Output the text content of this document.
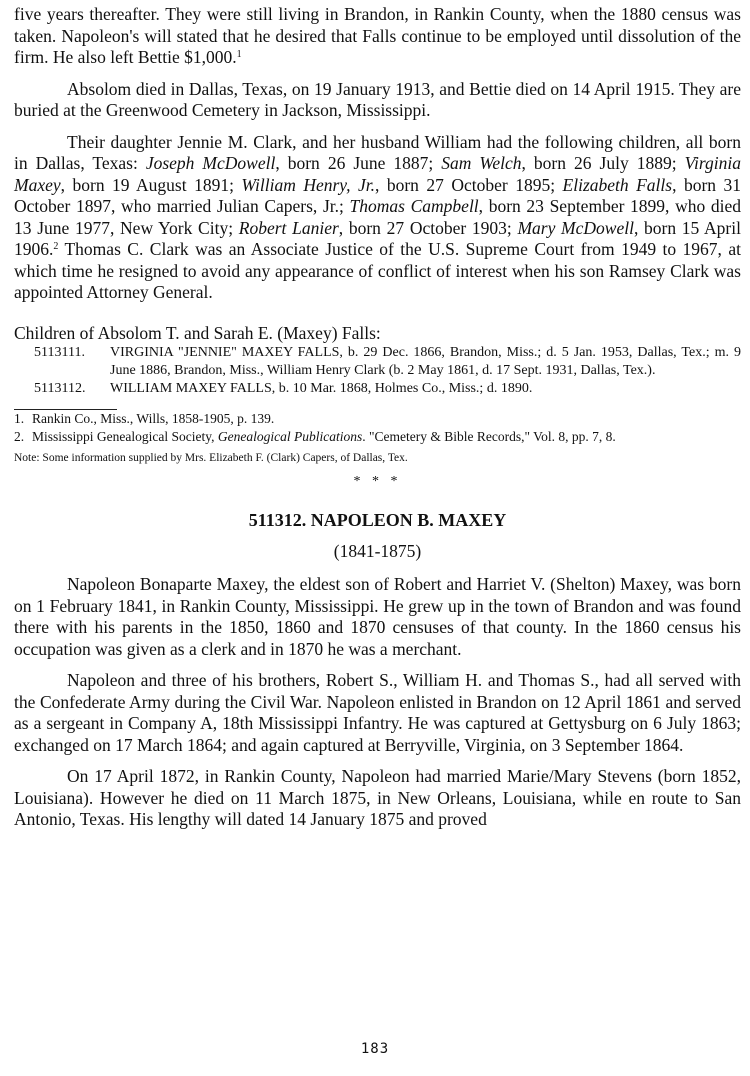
five years thereafter. They were still living in Brandon, in Rankin County, when the 1880 census was taken. Napoleon's will stated that he desired that Falls continue to be employed until dissolution of the firm. He also left Bettie $1,000.$^1$

Absolom died in Dallas, Texas, on 19 January 1913, and Bettie died on 14 April 1915. They are buried at the Greenwood Cemetery in Jackson, Mississippi.

Their daughter Jennie M. Clark, and her husband William had the following children, all born in Dallas, Texas: Joseph McDowell, born 26 June 1887; Sam Welch, born 26 July 1889; Virginia Maxey, born 19 August 1891; William Henry, Jr., born 27 October 1895; Elizabeth Falls, born 31 October 1897, who married Julian Capers, Jr.; Thomas Campbell, born 23 September 1899, who died 13 June 1977, New York City; Robert Lanier, born 27 October 1903; Mary McDowell, born 15 April 1906.$^2$ Thomas C. Clark was an Associate Justice of the U.S. Supreme Court from 1949 to 1967, at which time he resigned to avoid any appearance of conflict of interest when his son Ramsey Clark was appointed Attorney General.

Children of Absolom T. and Sarah E. (Maxey) Falls:
5113111.	VIRGINIA "JENNIE" MAXEY FALLS, b. 29 Dec. 1866, Brandon, Miss.; d. 5 Jan. 1953, Dallas, Tex.; m. 9 June 1886, Brandon, Miss., William Henry Clark (b. 2 May 1861, d. 17 Sept. 1931, Dallas, Tex.).
5113112.	WILLIAM MAXEY FALLS, b. 10 Mar. 1868, Holmes Co., Miss.; d. 1890.
1. Rankin Co., Miss., Wills, 1858-1905, p. 139.
2. Mississippi Genealogical Society, Genealogical Publications. "Cemetery & Bible Records," Vol. 8, pp. 7, 8.
Note: Some information supplied by Mrs. Elizabeth F. (Clark) Capers, of Dallas, Tex.
* * *
511312. NAPOLEON B. MAXEY
(1841-1875)

Napoleon Bonaparte Maxey, the eldest son of Robert and Harriet V. (Shelton) Maxey, was born on 1 February 1841, in Rankin County, Mississippi. He grew up in the town of Brandon and was found there with his parents in the 1850, 1860 and 1870 censuses of that county. In the 1860 census his occupation was given as a clerk and in 1870 he was a merchant.

Napoleon and three of his brothers, Robert S., William H. and Thomas S., had all served with the Confederate Army during the Civil War. Napoleon enlisted in Brandon on 12 April 1861 and served as a sergeant in Company A, 18th Mississippi Infantry. He was captured at Gettysburg on 6 July 1863; exchanged on 17 March 1864; and again captured at Berryville, Virginia, on 3 September 1864.

On 17 April 1872, in Rankin County, Napoleon had married Marie/Mary Stevens (born 1852, Louisiana). However he died on 11 March 1875, in New Orleans, Louisiana, while en route to San Antonio, Texas. His lengthy will dated 14 January 1875 and proved

183
